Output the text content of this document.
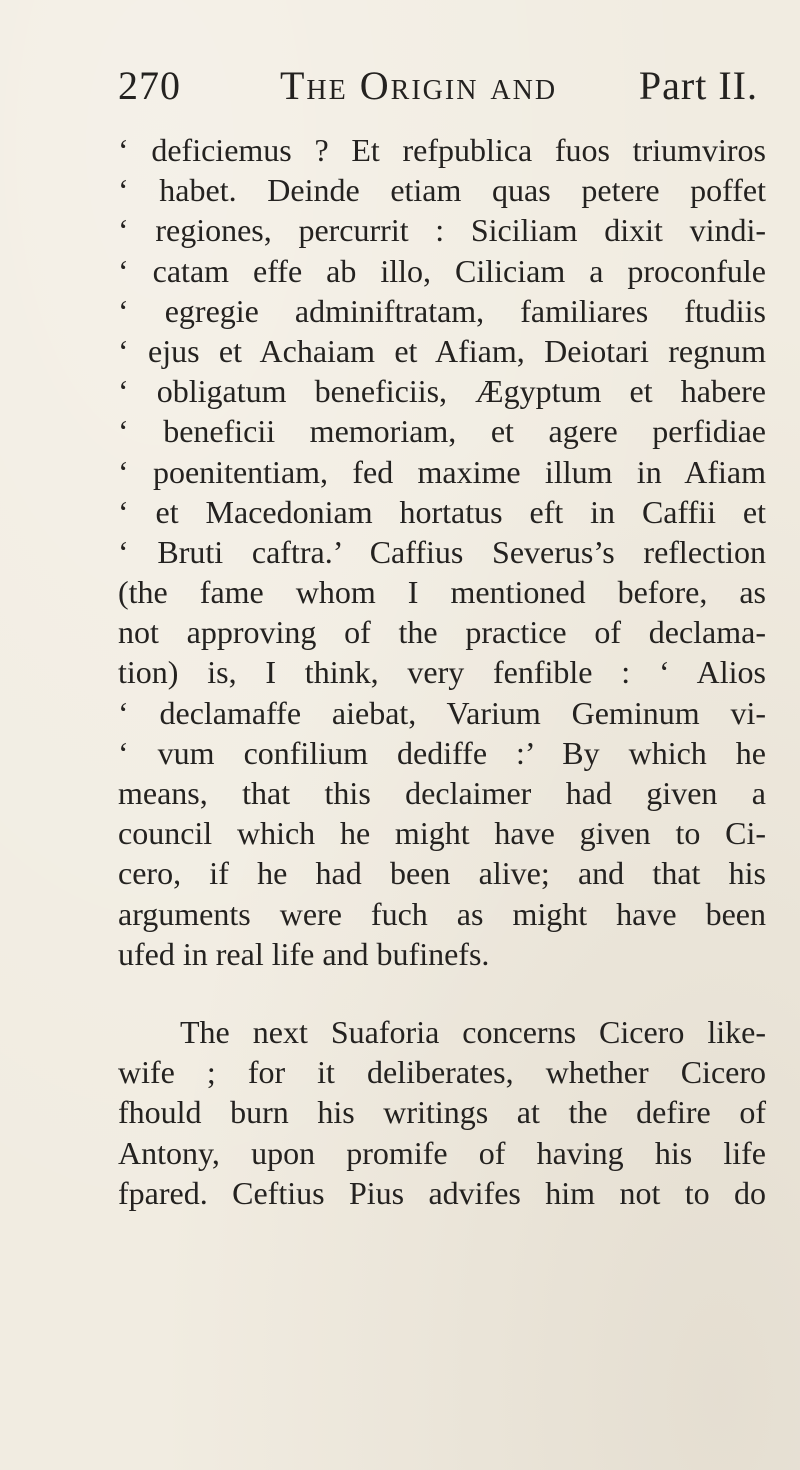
270 The Origin and Part II.
‘ deficiemus ? Et refpublica fuos triumviros
‘ habet. Deinde etiam quas petere poffet
‘ regiones, percurrit : Siciliam dixit vindi-
‘ catam effe ab illo, Ciliciam a proconfule
‘ egregie adminiftratam, familiares ftudiis
‘ ejus et Achaiam et Afiam, Deiotari regnum
‘ obligatum beneficiis, Ægyptum et habere
‘ beneficii memoriam, et agere perfidiae
‘ poenitentiam, fed maxime illum in Afiam
‘ et Macedoniam hortatus eft in Caffii et
‘ Bruti caftra.’ Caffius Severus’s reflection
(the fame whom I mentioned before, as
not approving of the practice of declama-
tion) is, I think, very fenfible : ‘ Alios
‘ declamaffe aiebat, Varium Geminum vi-
‘ vum confilium dediffe :’ By which he
means, that this declaimer had given a
council which he might have given to Ci-
cero, if he had been alive; and that his
arguments were fuch as might have been
ufed in real life and bufinefs.
The next Suaforia concerns Cicero like-
wife ; for it deliberates, whether Cicero
fhould burn his writings at the defire of
Antony, upon promife of having his life
fpared. Ceftius Pius advifes him not to do
